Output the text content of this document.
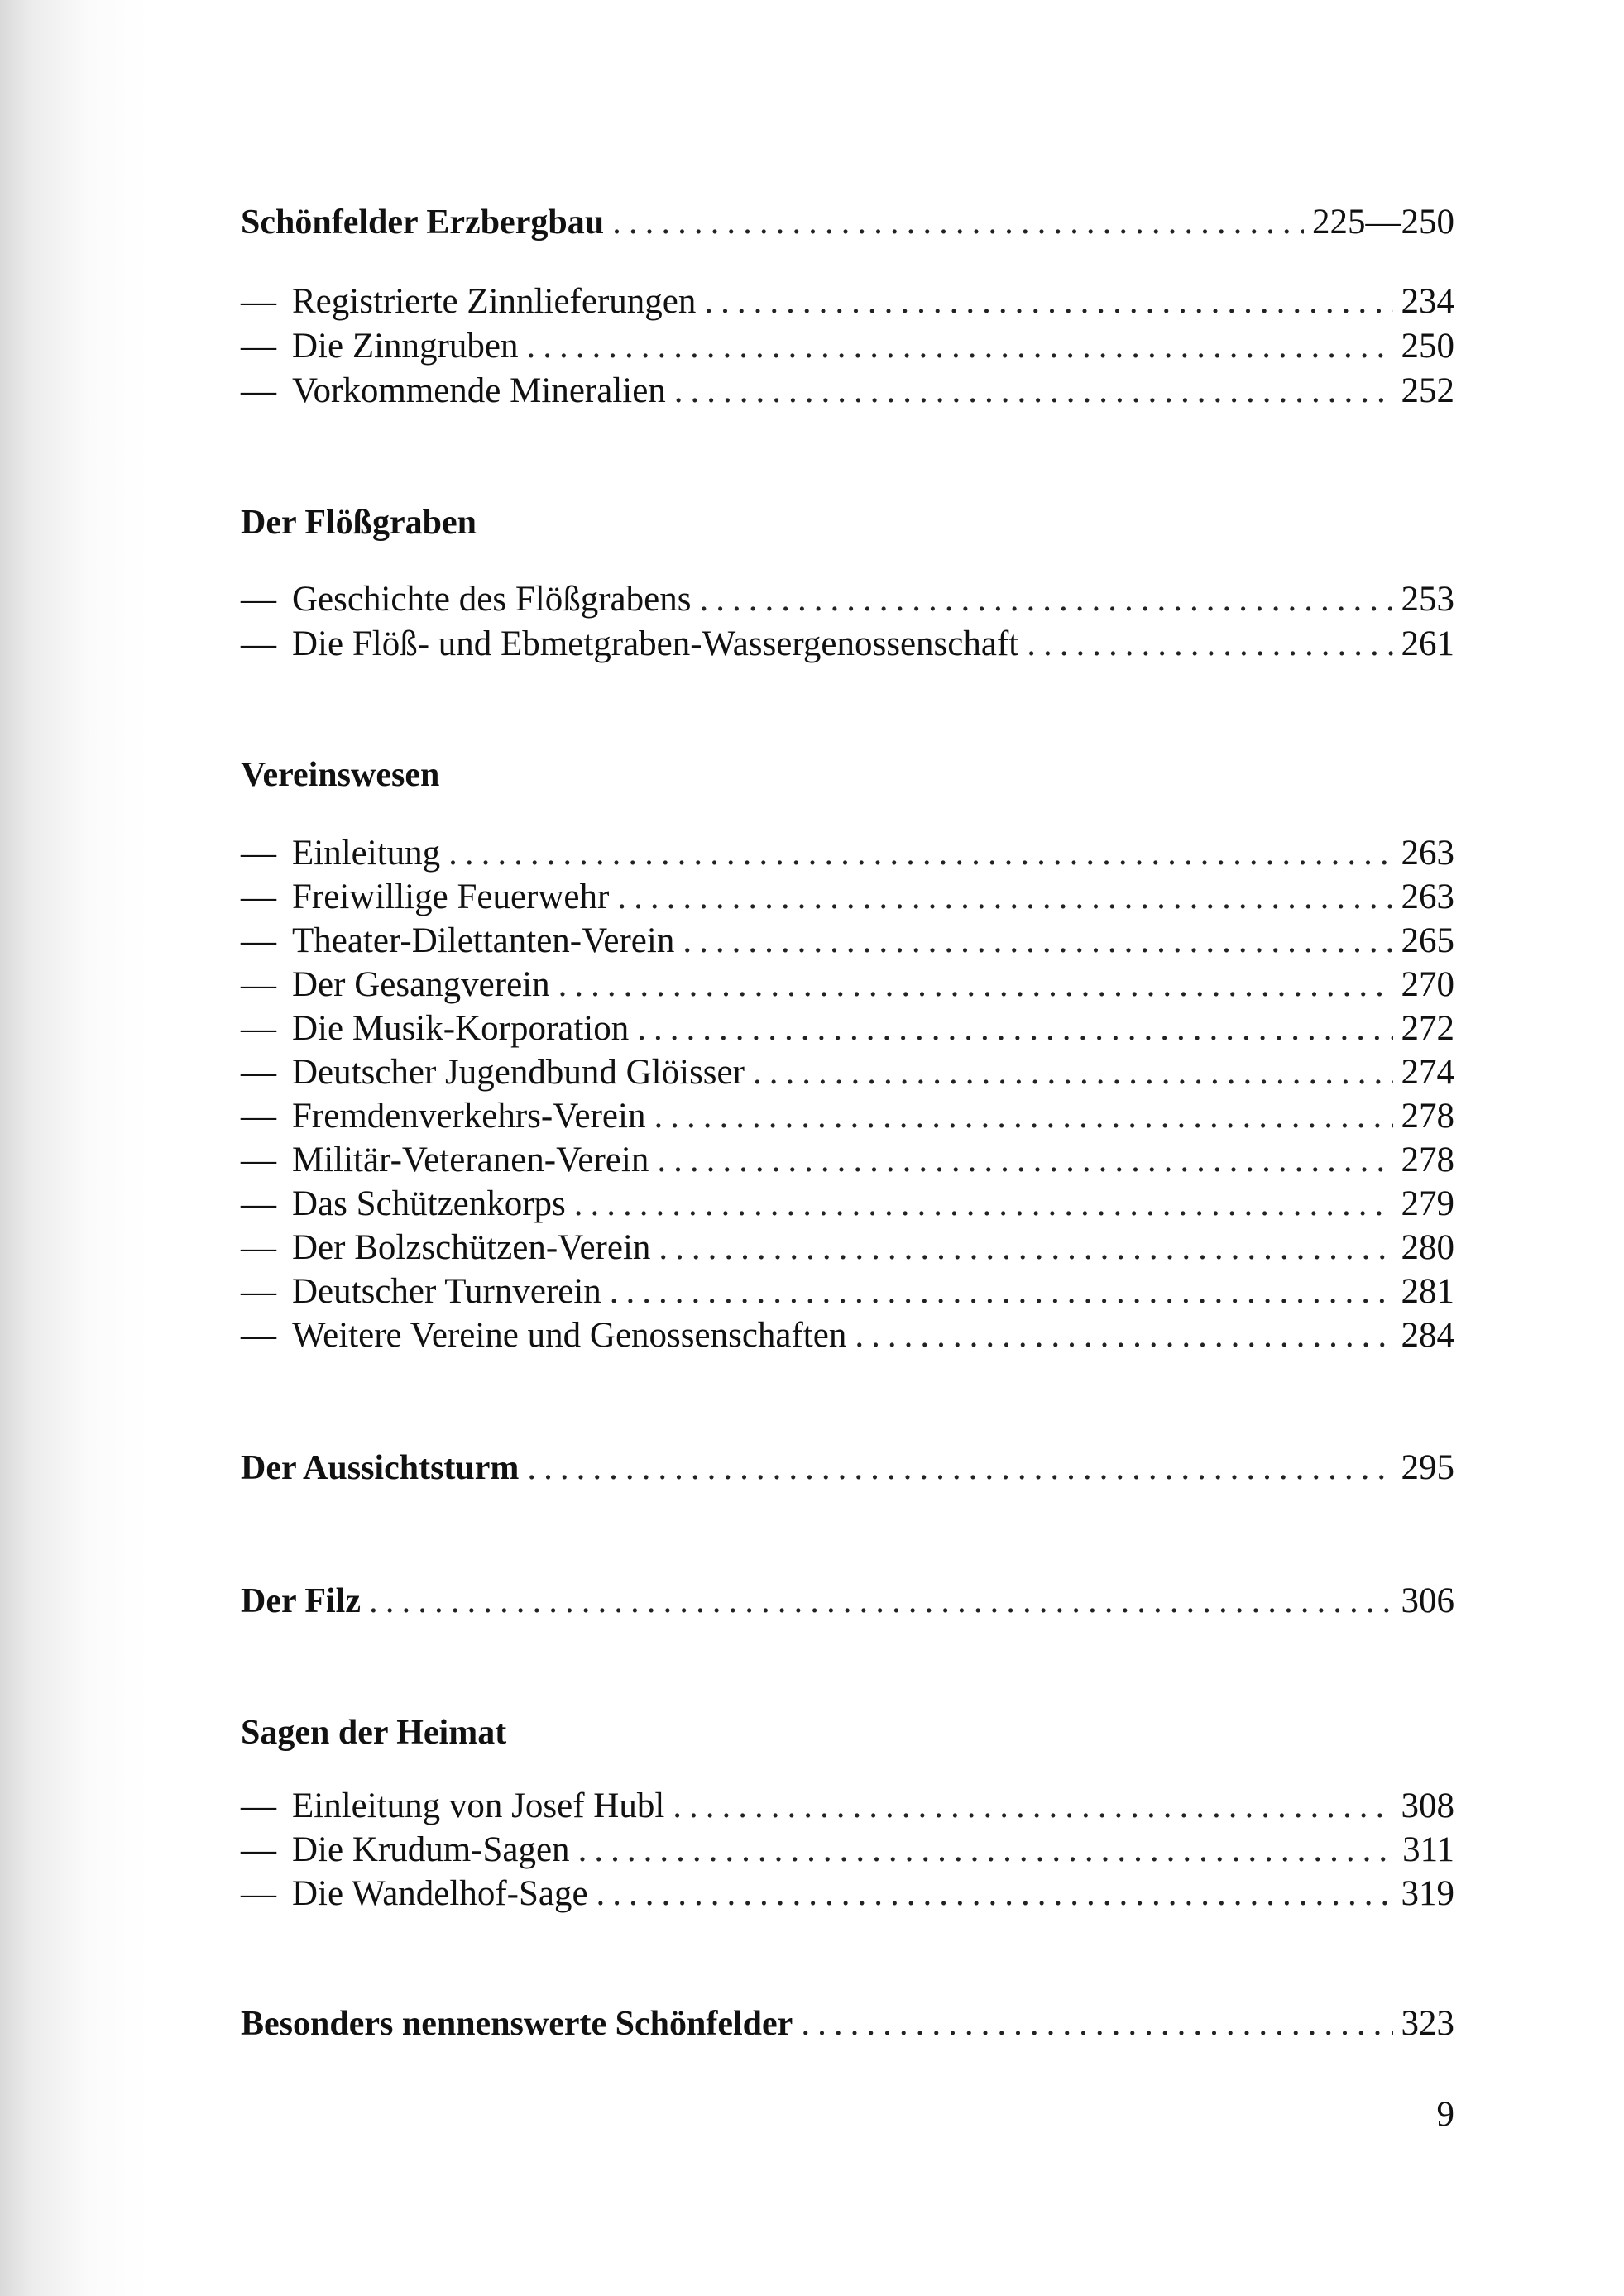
Schönfelder Erzbergbau .....	225—250
— Registrierte Zinnlieferungen .....	234
— Die Zinngruben .....	250
— Vorkommende Mineralien .....	252
Der Flößgraben
— Geschichte des Flößgrabens .....	253
— Die Flöß- und Ebmetgraben-Wassergenossenschaft .....	261
Vereinswesen
— Einleitung .....	263
— Freiwillige Feuerwehr .....	263
— Theater-Dilettanten-Verein .....	265
— Der Gesangverein .....	270
— Die Musik-Korporation .....	272
— Deutscher Jugendbund Glöisser .....	274
— Fremdenverkehrs-Verein .....	278
— Militär-Veteranen-Verein .....	278
— Das Schützenkorps .....	279
— Der Bolzschützen-Verein .....	280
— Deutscher Turnverein .....	281
— Weitere Vereine und Genossenschaften .....	284
Der Aussichtsturm .....	295
Der Filz .....	306
Sagen der Heimat
— Einleitung von Josef Hubl .....	308
— Die Krudum-Sagen .....	311
— Die Wandelhof-Sage .....	319
Besonders nennenswerte Schönfelder .....	323
9
